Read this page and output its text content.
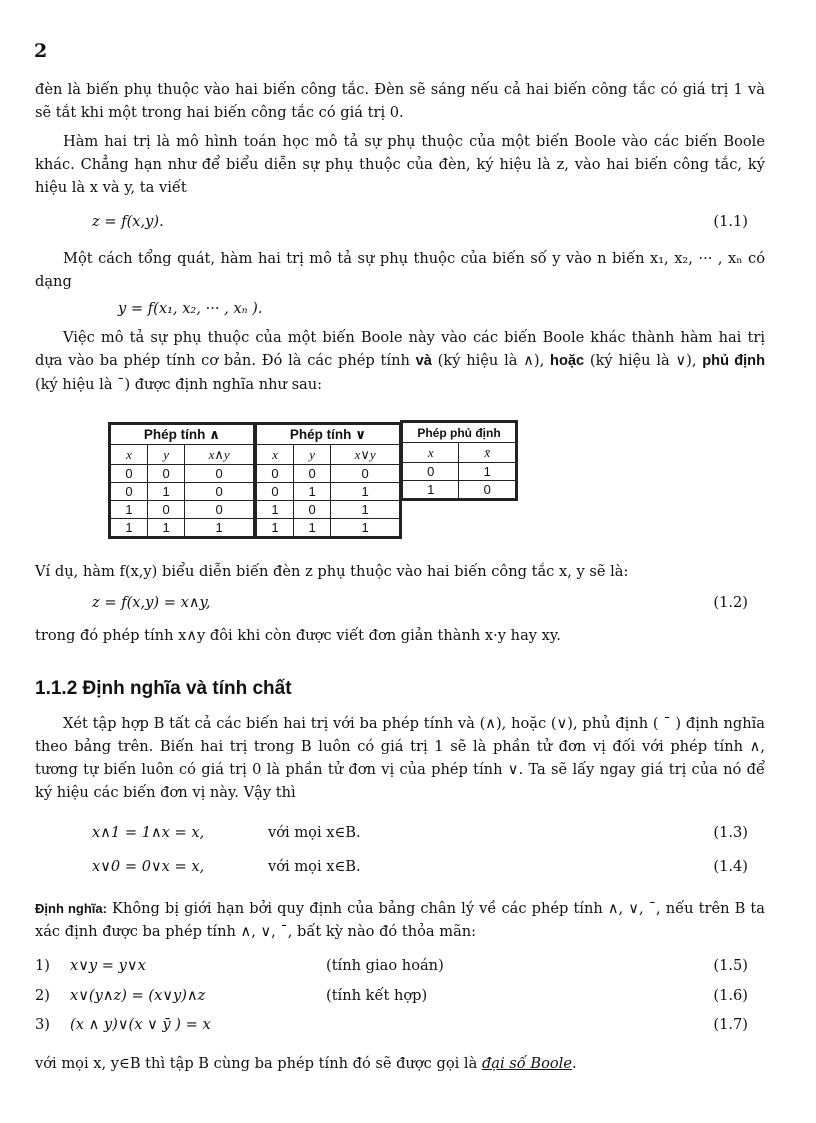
2

đèn là biến phụ thuộc vào hai biến công tắc. Đèn sẽ sáng nếu cả hai biến công tắc có giá trị 1 và sẽ tắt khi một trong hai biến công tắc có giá trị 0.

Hàm hai trị là mô hình toán học mô tả sự phụ thuộc của một biến Boole vào các biến Boole khác. Chẳng hạn như để biểu diễn sự phụ thuộc của đèn, ký hiệu là z, vào hai biến công tắc, ký hiệu là x và y, ta viết

z = f(x,y).	(1.1)

Một cách tổng quát, hàm hai trị mô tả sự phụ thuộc của biến số y vào n biến x₁, x₂, ··· , xₙ có dạng

y = f(x₁, x₂, ··· , xₙ ).

Việc mô tả sự phụ thuộc của một biến Boole này vào các biến Boole khác thành hàm hai trị dựa vào ba phép tính cơ bản. Đó là các phép tính và (ký hiệu là ∧), hoặc (ký hiệu là ∨), phủ định (ký hiệu là ¯) được định nghĩa như sau:

Phép tính ∧		
x	y	x∧y
0	0	0
0	1	0
1	0	0
1	1	1
Phép tính ∨		
x	y	x∨y
0	0	0
0	1	1
1	0	1
1	1	1
Phép phủ định	
x	x̄
0	1
1	0

Ví dụ, hàm f(x,y) biểu diễn biến đèn z phụ thuộc vào hai biến công tắc x, y sẽ là:

z = f(x,y) = x∧y,	(1.2)

trong đó phép tính x∧y đôi khi còn được viết đơn giản thành x·y hay xy.

1.1.2 Định nghĩa và tính chất

Xét tập hợp B tất cả các biến hai trị với ba phép tính và (∧), hoặc (∨), phủ định ( ¯ ) định nghĩa theo bảng trên. Biến hai trị trong B luôn có giá trị 1 sẽ là phần tử đơn vị đối với phép tính ∧, tương tự biến luôn có giá trị 0 là phần tử đơn vị của phép tính ∨. Ta sẽ lấy ngay giá trị của nó để ký hiệu các biến đơn vị này. Vậy thì

x∧1 = 1∧x = x,	với mọi x∈B.	(1.3)
x∨0 = 0∨x = x,	với mọi x∈B.	(1.4)

Định nghĩa: Không bị giới hạn bởi quy định của bảng chân lý về các phép tính ∧, ∨, ¯, nếu trên B ta xác định được ba phép tính ∧, ∨, ¯, bất kỳ nào đó thỏa mãn:

1) x∨y = y∨x	(tính giao hoán)	(1.5)
2) x∨(y∧z) = (x∨y)∧z	(tính kết hợp)	(1.6)
3) (x ∧ y)∨(x ∨ ȳ ) = x	(1.7)

với mọi x, y∈B thì tập B cùng ba phép tính đó sẽ được gọi là đại số Boole.
